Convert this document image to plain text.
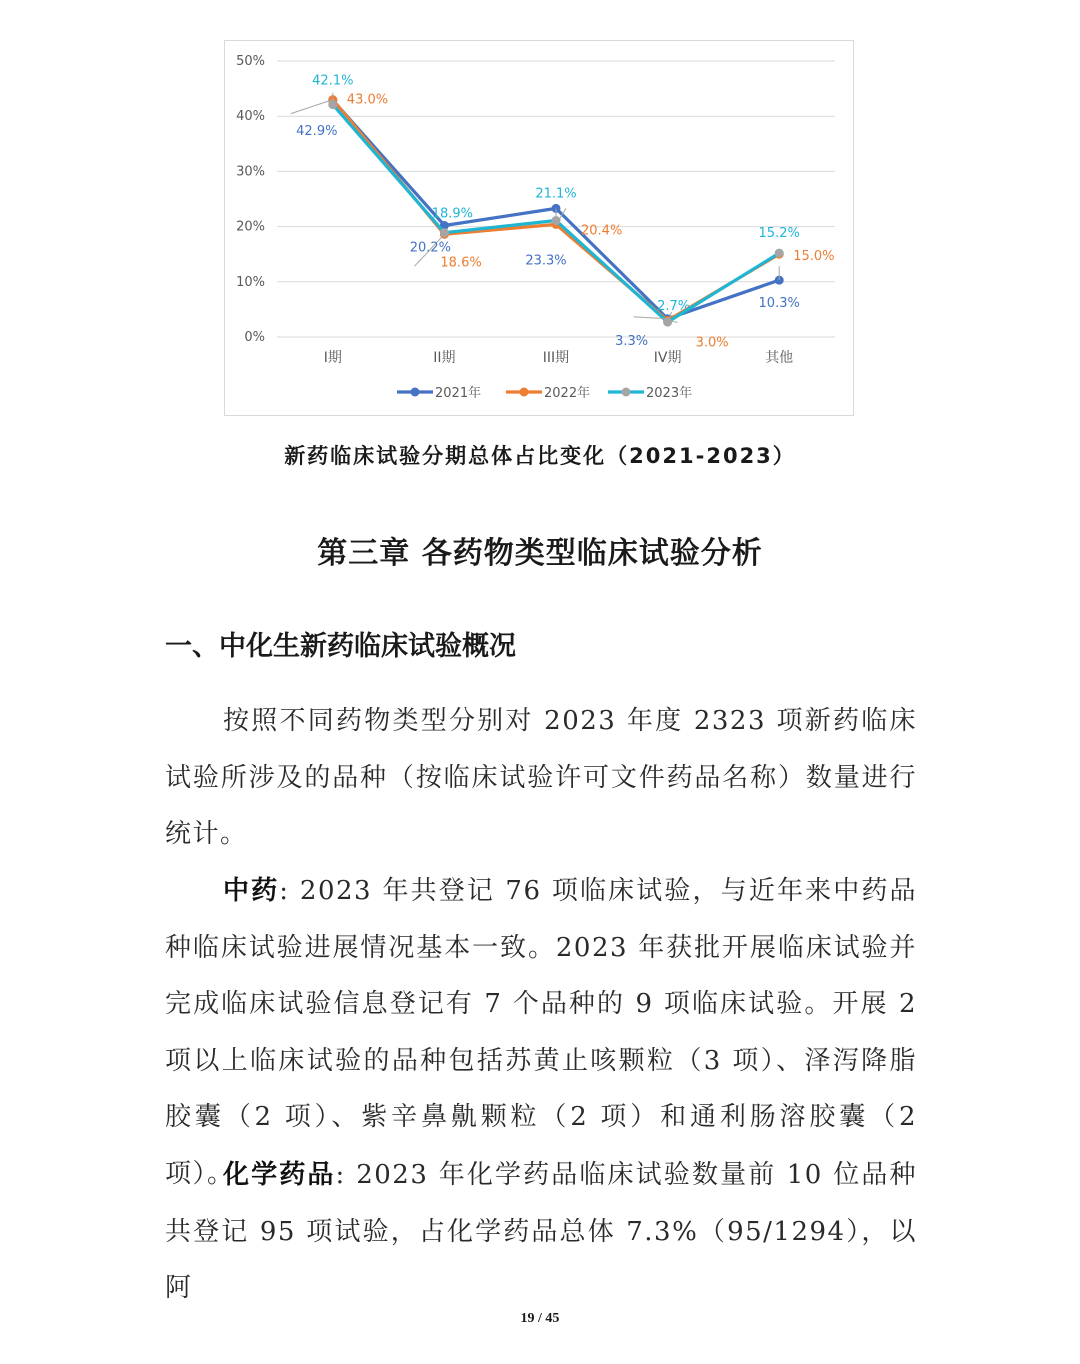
0%
10%
20%
30%
40%
50%
I期	II期	III期	IV期	其他
42.9%
20.2%
23.3%
3.3%
10.3%
43.0%
18.6%
20.4%
3.0%
15.0%
42.1%
18.9%
21.1%
2.7%
15.2%
2021年	2022年	2023年
新药临床试验分期总体占比变化（2021-2023）
第三章 各药物类型临床试验分析
一、中化生新药临床试验概况

按照不同药物类型分别对 2023 年度 2323 项新药临床试验所涉及的品种（按临床试验许可文件药品名称）数量进行统计。

中药: 2023 年共登记 76 项临床试验，与近年来中药品种临床试验进展情况基本一致。2023 年获批开展临床试验并完成临床试验信息登记有 7 个品种的 9 项临床试验。开展 2 项以上临床试验的品种包括苏黄止咳颗粒（3 项）、泽泻降脂胶囊（2 项）、紫辛鼻鼽颗粒（2 项）和通利肠溶胶囊（2 项）。

化学药品: 2023 年化学药品临床试验数量前 10 位品种共登记 95 项试验，占化学药品总体 7.3%（95/1294），以阿

19 / 45
